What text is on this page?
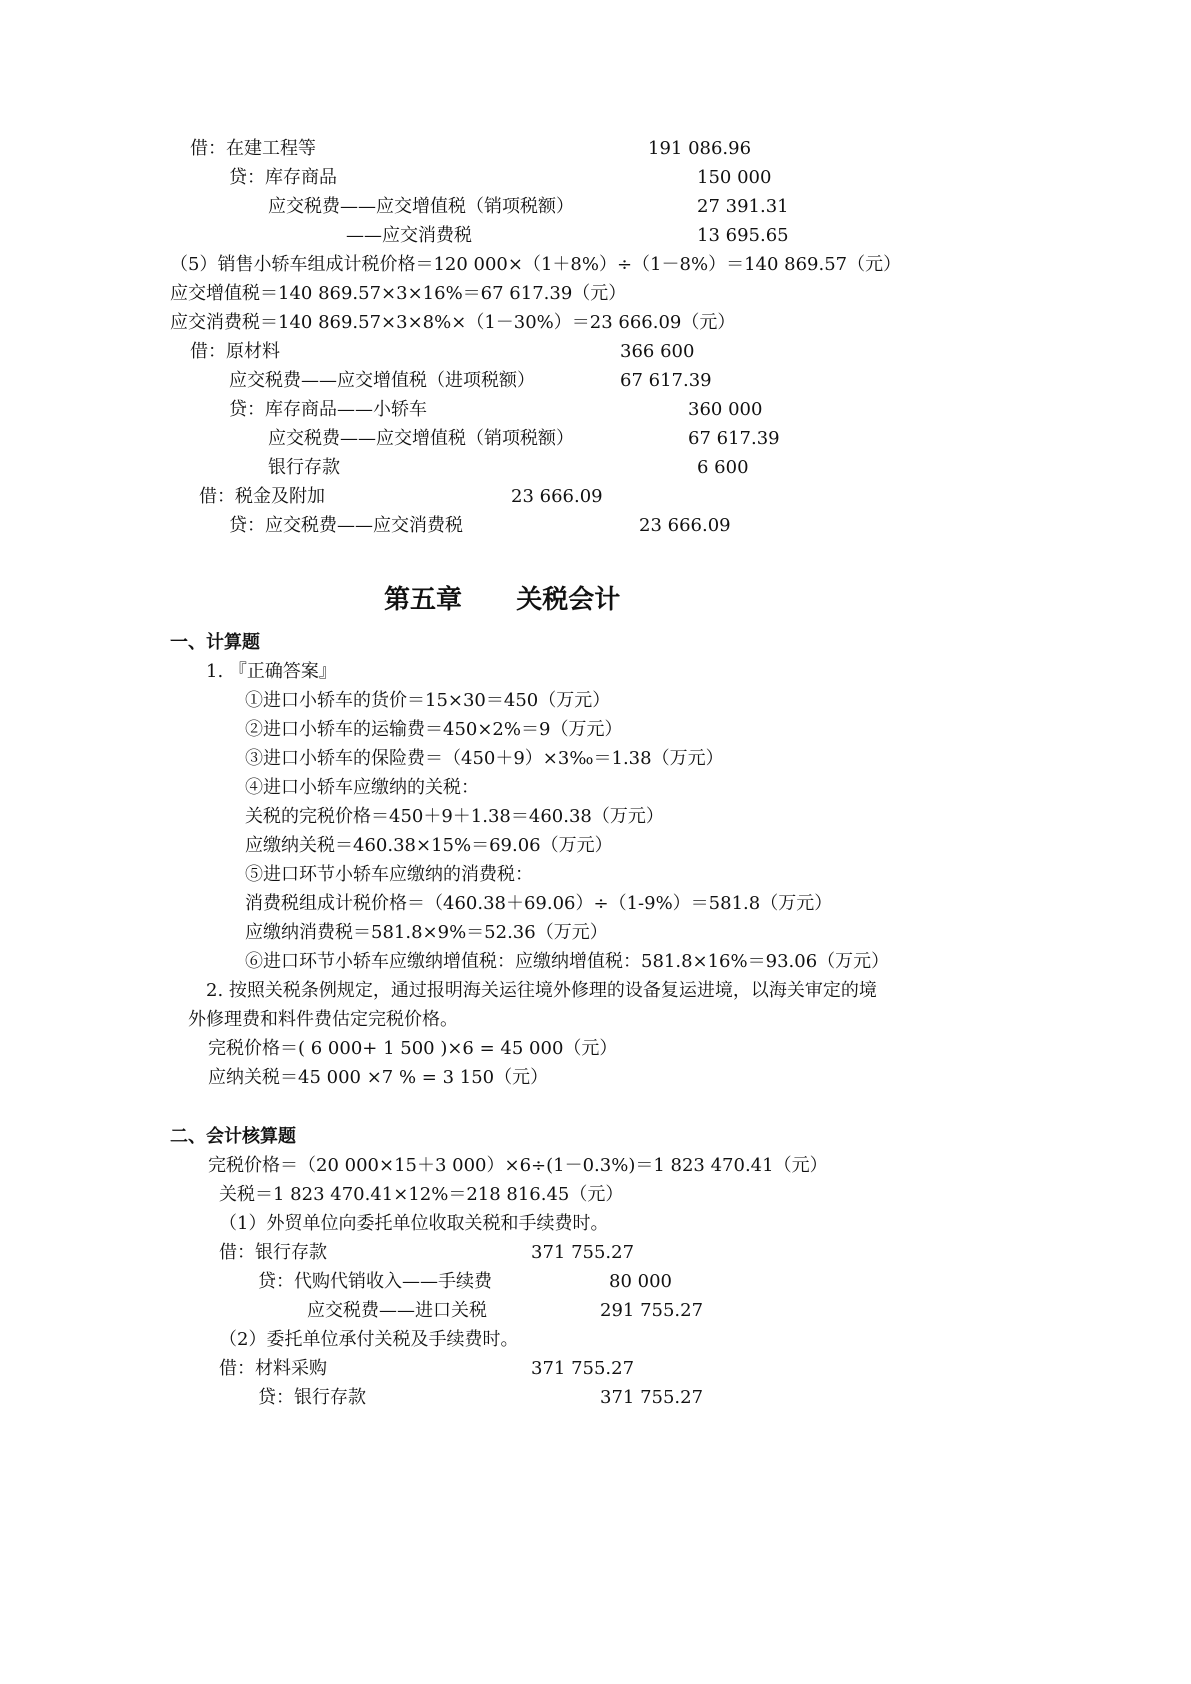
借：在建工程等	191 086.96
贷：库存商品	150 000
应交税费——应交增值税（销项税额）	27 391.31
——应交消费税	13 695.65
（5）销售小轿车组成计税价格＝120 000×（1＋8%）÷（1－8%）＝140 869.57（元）
应交增值税＝140 869.57×3×16%＝67 617.39（元）
应交消费税＝140 869.57×3×8%×（1－30%）＝23 666.09（元）
借：原材料	366 600
应交税费——应交增值税（进项税额）	67 617.39
贷：库存商品——小轿车	360 000
应交税费——应交增值税（销项税额）	67 617.39
银行存款	6 600
借：税金及附加	23 666.09
贷：应交税费——应交消费税	23 666.09
第五章      关税会计
一、计算题
1. 『正确答案』
①进口小轿车的货价＝15×30＝450（万元）
②进口小轿车的运输费＝450×2%＝9（万元）
③进口小轿车的保险费＝（450＋9）×3‰＝1.38（万元）
④进口小轿车应缴纳的关税：
关税的完税价格＝450＋9＋1.38＝460.38（万元）
应缴纳关税＝460.38×15%＝69.06（万元）
⑤进口环节小轿车应缴纳的消费税：
消费税组成计税价格＝（460.38＋69.06）÷（1-9%）＝581.8（万元）
应缴纳消费税＝581.8×9%＝52.36（万元）
⑥进口环节小轿车应缴纳增值税：应缴纳增值税：581.8×16%＝93.06（万元）
2. 按照关税条例规定，通过报明海关运往境外修理的设备复运进境，以海关审定的境
外修理费和料件费估定完税价格。
完税价格＝( 6 000+ 1 500 )×6 = 45 000（元）
应纳关税＝45 000 ×7 % = 3 150（元）
二、会计核算题
完税价格＝（20 000×15＋3 000）×6÷(1－0.3%)＝1 823 470.41（元）
关税＝1 823 470.41×12%＝218 816.45（元）
（1）外贸单位向委托单位收取关税和手续费时。
借：银行存款	371 755.27
贷：代购代销收入——手续费	80 000
应交税费——进口关税	291 755.27
（2）委托单位承付关税及手续费时。
借：材料采购	371 755.27
贷：银行存款	371 755.27
